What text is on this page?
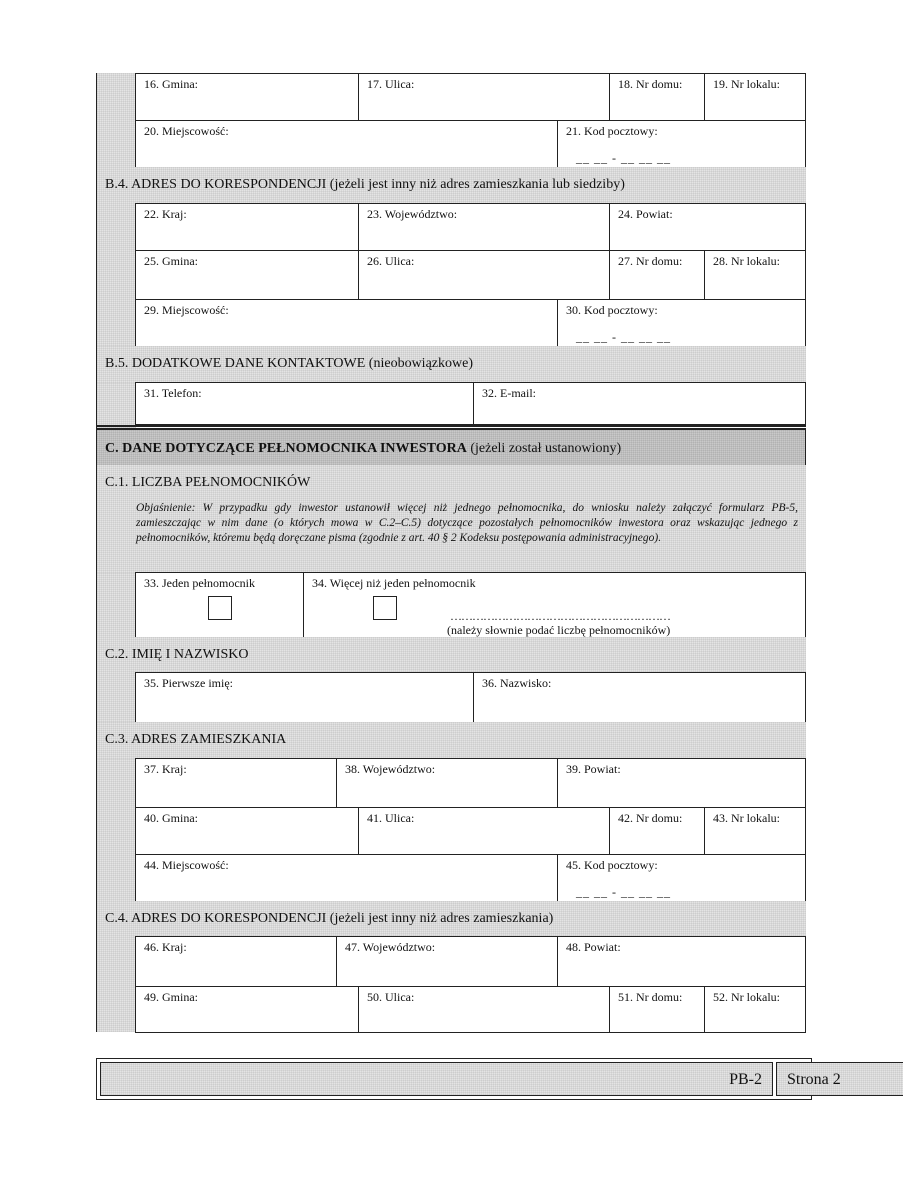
16. Gmina:	17. Ulica:	18. Nr domu:	19. Nr lokalu:
20. Miejscowość:	21. Kod pocztowy:
__ __ - __ __ __
B.4. ADRES DO KORESPONDENCJI (jeżeli jest inny niż adres zamieszkania lub siedziby)
22. Kraj:	23. Województwo:	24. Powiat:
25. Gmina:	26. Ulica:	27. Nr domu:	28. Nr lokalu:
29. Miejscowość:	30. Kod pocztowy:
__ __ - __ __ __
B.5. DODATKOWE DANE KONTAKTOWE (nieobowiązkowe)
31. Telefon:	32. E-mail:
C. DANE DOTYCZĄCE PEŁNOMOCNIKA INWESTORA (jeżeli został ustanowiony)
C.1. LICZBA PEŁNOMOCNIKÓW
Objaśnienie: W przypadku gdy inwestor ustanowił więcej niż jednego pełnomocnika, do wniosku należy załączyć formularz PB-5, zamieszczając w nim dane (o których mowa w C.2–C.5) dotyczące pozostałych pełnomocników inwestora oraz wskazując jednego z pełnomocników, któremu będą doręczane pisma (zgodnie z art. 40 § 2 Kodeksu postępowania administracyjnego).
33. Jeden pełnomocnik	34. Więcej niż jeden pełnomocnik
……………………………………………………
(należy słownie podać liczbę pełnomocników)
C.2. IMIĘ I NAZWISKO
35. Pierwsze imię:	36. Nazwisko:
C.3. ADRES ZAMIESZKANIA
37. Kraj:	38. Województwo:	39. Powiat:
40. Gmina:	41. Ulica:	42. Nr domu:	43. Nr lokalu:
44. Miejscowość:	45. Kod pocztowy:
__ __ - __ __ __
C.4. ADRES DO KORESPONDENCJI (jeżeli jest inny niż adres zamieszkania)
46. Kraj:	47. Województwo:	48. Powiat:
49. Gmina:	50. Ulica:	51. Nr domu:	52. Nr lokalu:
PB-2 Strona 2
